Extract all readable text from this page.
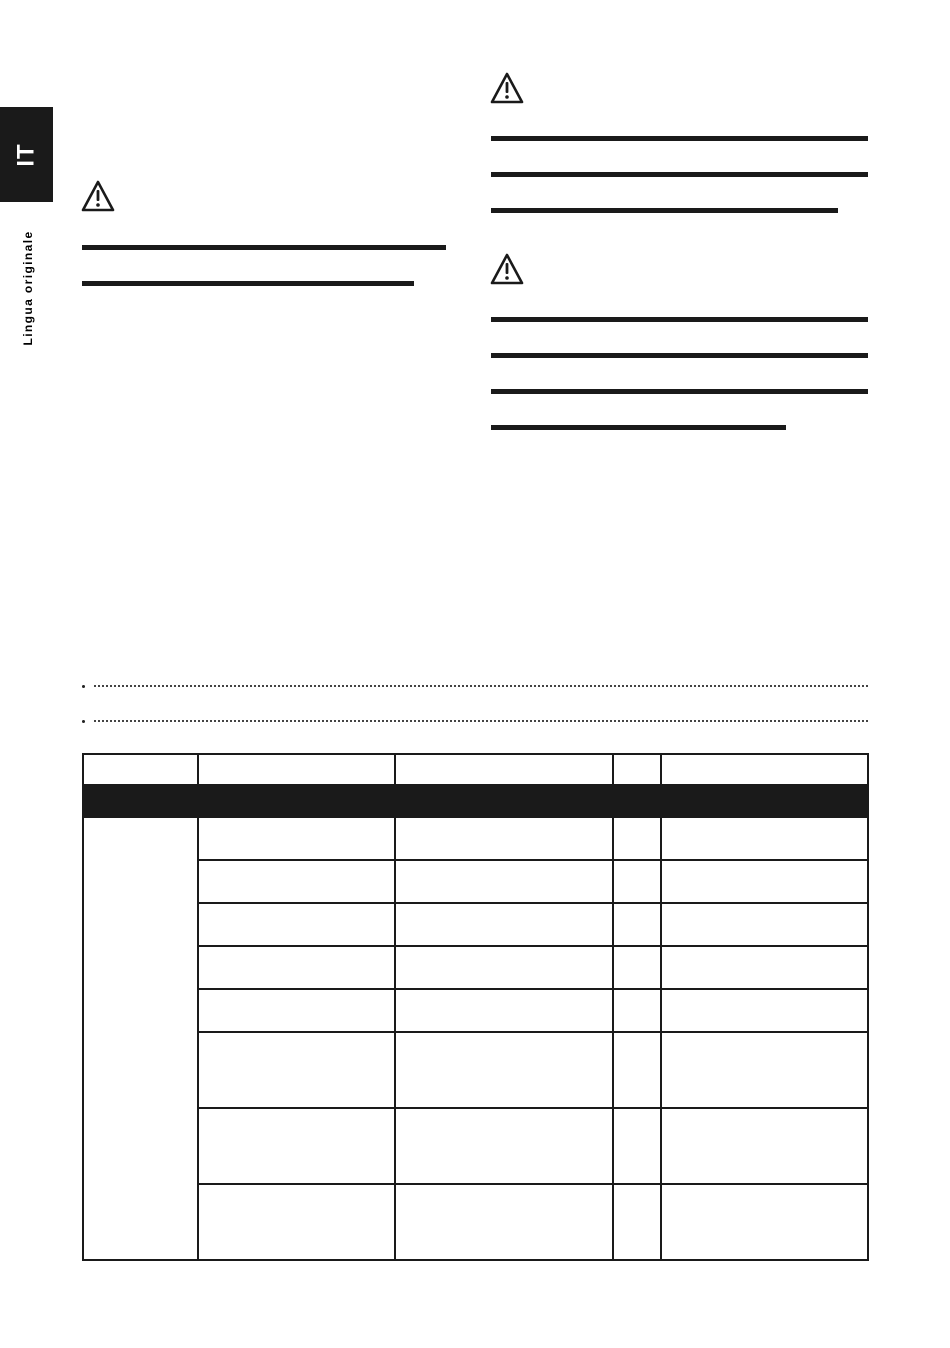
IT
Lingua originale
